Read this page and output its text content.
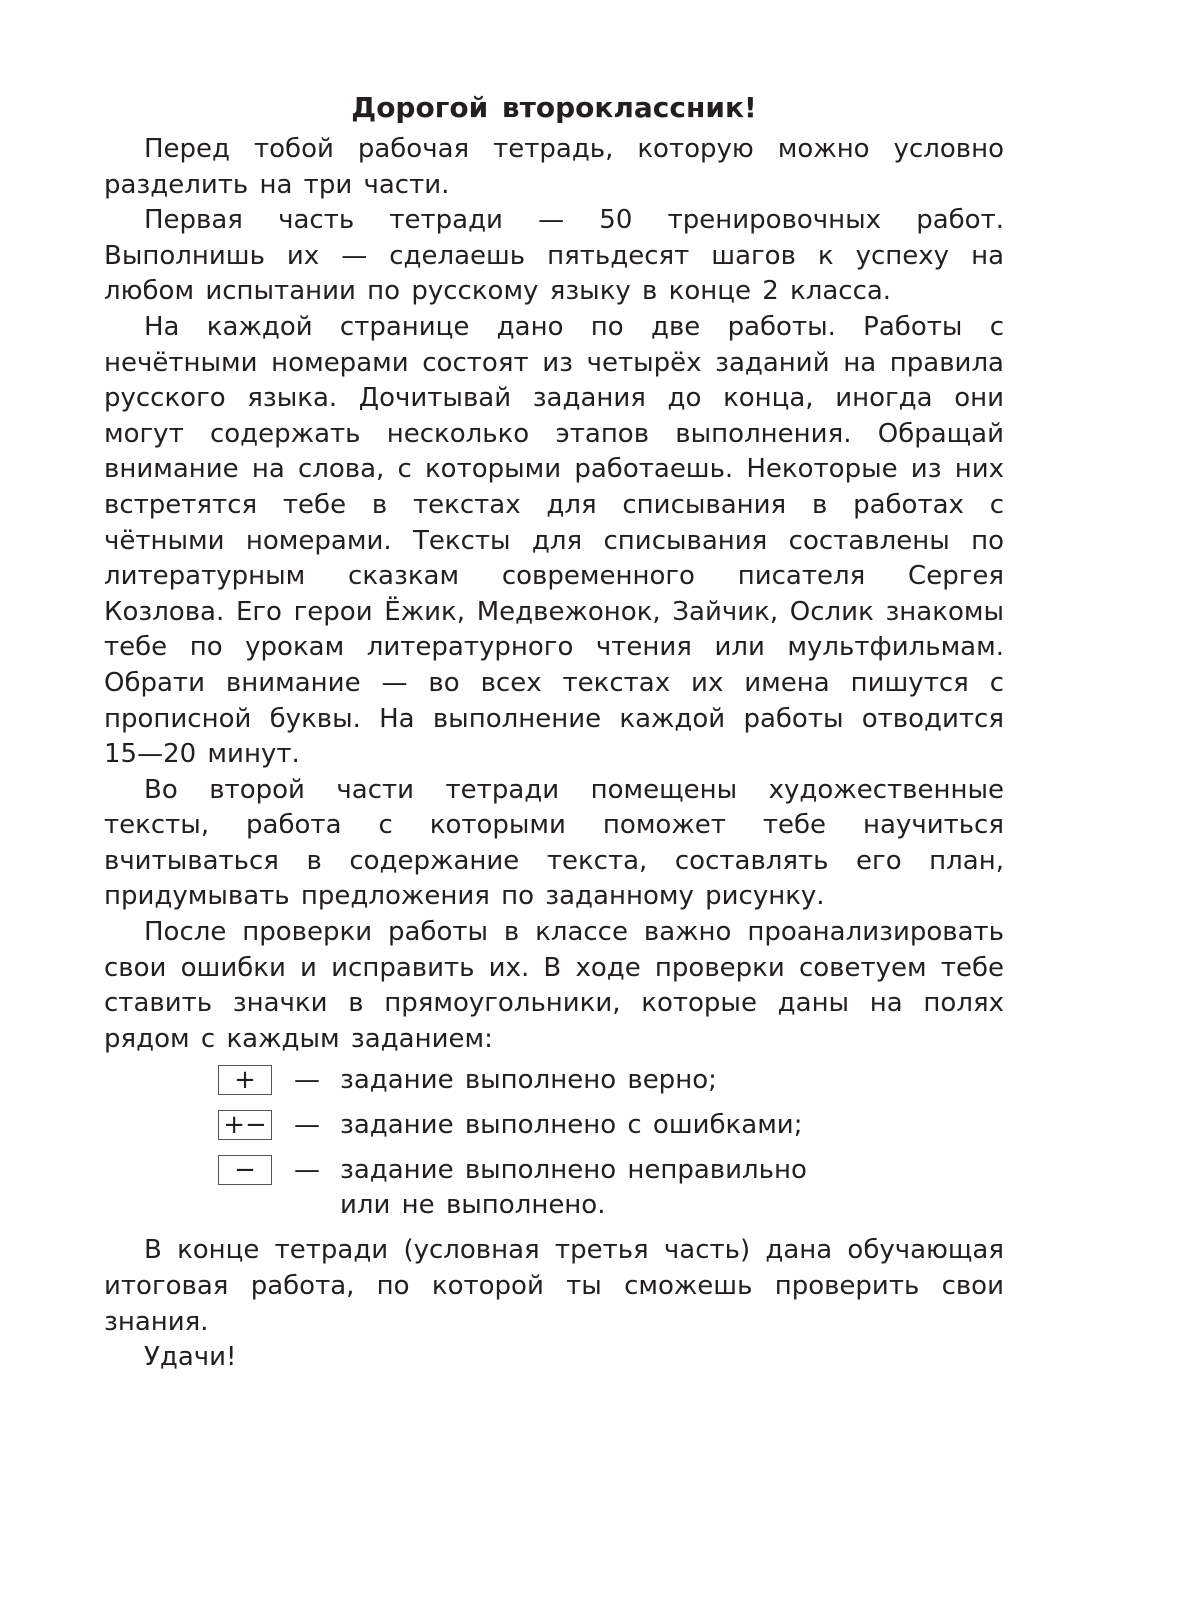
Дорогой второклассник!

Перед тобой рабочая тетрадь, которую можно условно разделить на три части.

Первая часть тетради — 50 тренировочных работ. Выполнишь их — сделаешь пятьдесят шагов к успеху на любом испытании по русскому языку в конце 2 класса.

На каждой странице дано по две работы. Работы с нечётными номерами состоят из четырёх заданий на правила русского языка. Дочитывай задания до конца, иногда они могут содержать несколько этапов выполнения. Обращай внимание на слова, с которыми работаешь. Некоторые из них встретятся тебе в текстах для списывания в работах с чётными номерами. Тексты для списывания составлены по литературным сказкам современного писателя Сергея Козлова. Его герои Ёжик, Медвежонок, Зайчик, Ослик знакомы тебе по урокам литературного чтения или мультфильмам. Обрати внимание — во всех текстах их имена пишутся с прописной буквы. На выполнение каждой работы отводится 15—20 минут.

Во второй части тетради помещены художественные тексты, работа с которыми поможет тебе научиться вчитываться в содержание текста, составлять его план, придумывать предложения по заданному рисунку.

После проверки работы в классе важно проанализировать свои ошибки и исправить их. В ходе проверки советуем тебе ставить значки в прямоугольники, которые даны на полях рядом с каждым заданием:

+	— задание выполнено верно;
+− — задание выполнено с ошибками;
−	— задание выполнено неправильно или не выполнено.

В конце тетради (условная третья часть) дана обучающая итоговая работа, по которой ты сможешь проверить свои знания.

Удачи!
